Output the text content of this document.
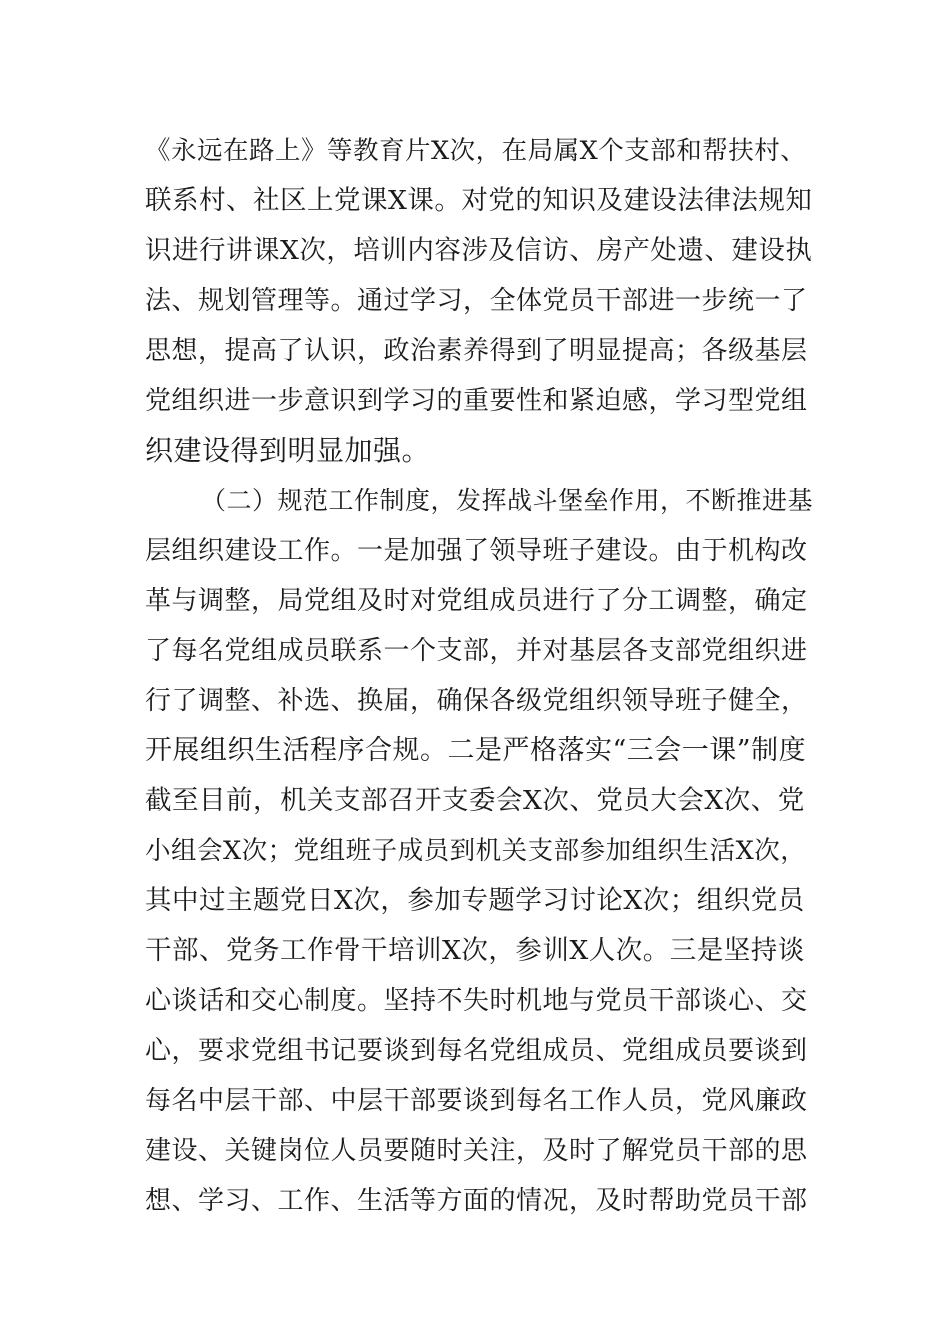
《永远在路上》等教育片X次，在局属X个支部和帮扶村、
联系村、社区上党课X课。对党的知识及建设法律法规知
识进行讲课X次，培训内容涉及信访、房产处遗、建设执
法、规划管理等。通过学习，全体党员干部进一步统一了
思想，提高了认识，政治素养得到了明显提高；各级基层
党组织进一步意识到学习的重要性和紧迫感，学习型党组
织建设得到明显加强。
（二）规范工作制度，发挥战斗堡垒作用，不断推进基
层组织建设工作。一是加强了领导班子建设。由于机构改
革与调整，局党组及时对党组成员进行了分工调整，确定
了每名党组成员联系一个支部，并对基层各支部党组织进
行了调整、补选、换届，确保各级党组织领导班子健全，
开展组织生活程序合规。二是严格落实“三会一课”制度
截至目前，机关支部召开支委会X次、党员大会X次、党
小组会X次；党组班子成员到机关支部参加组织生活X次，
其中过主题党日X次，参加专题学习讨论X次；组织党员
干部、党务工作骨干培训X次，参训X人次。三是坚持谈
心谈话和交心制度。坚持不失时机地与党员干部谈心、交
心，要求党组书记要谈到每名党组成员、党组成员要谈到
每名中层干部、中层干部要谈到每名工作人员，党风廉政
建设、关键岗位人员要随时关注，及时了解党员干部的思
想、学习、工作、生活等方面的情况，及时帮助党员干部
